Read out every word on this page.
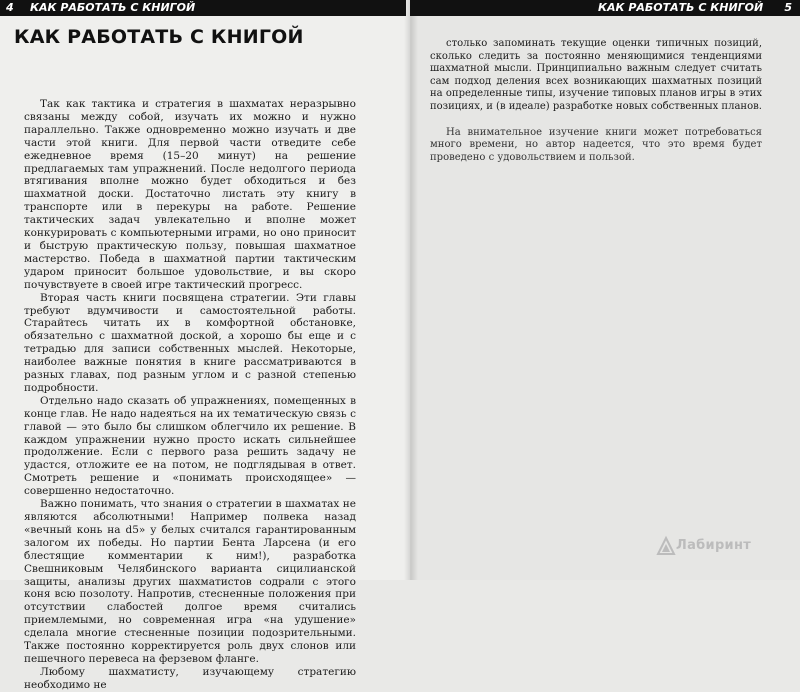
КАК РАБОТАТЬ С КНИГОЙ

Так как тактика и стратегия в шахматах неразрывно связаны между собой, изучать их можно и нужно параллельно. Также одновременно можно изучать и две части этой книги. Для первой части отведите себе ежедневное время (15–20 минут) на решение предлагаемых там упражнений. После недолгого периода втягивания вполне можно будет обходиться и без шахматной доски. Достаточно листать эту книгу в транспорте или в перекуры на работе. Решение тактических задач увлекательно и вполне может конкурировать с компьютерными играми, но оно приносит и быструю практическую пользу, повышая шахматное мастерство. Победа в шахматной партии тактическим ударом приносит большое удовольствие, и вы скоро почувствуете в своей игре тактический прогресс.

Вторая часть книги посвящена стратегии. Эти главы требуют вдумчивости и самостоятельной работы. Старайтесь читать их в комфортной обстановке, обязательно с шахматной доской, а хорошо бы еще и с тетрадью для записи собственных мыслей. Некоторые, наиболее важные понятия в книге рассматриваются в разных главах, под разным углом и с разной степенью подробности.

Отдельно надо сказать об упражнениях, помещенных в конце глав. Не надо надеяться на их тематическую связь с главой — это было бы слишком облегчило их решение. В каждом упражнении нужно просто искать сильнейшее продолжение. Если с первого раза решить задачу не удастся, отложите ее на потом, не подглядывая в ответ. Смотреть решение и «понимать происходящее» — совершенно недостаточно.

Важно понимать, что знания о стратегии в шахматах не являются абсолютными! Например полвека назад «вечный конь на d5» у белых считался гарантированным залогом их победы. Но партии Бента Ларсена (и его блестящие комментарии к ним!), разработка Свешниковым Челябинского варианта сицилианской защиты, анализы других шахматистов содрали с этого коня всю позолоту. Напротив, стесненные положения при отсутствии слабостей долгое время считались приемлемыми, но современная игра «на удушение» сделала многие стесненные позиции подозрительными. Также постоянно корректируется роль двух слонов или пешечного перевеса на ферзевом фланге.

Любому шахматисту, изучающему стратегию необходимо не

4 КАК РАБОТАТЬ С КНИГОЙ	КАК РАБОТАТЬ С КНИГОЙ 5

столько запоминать текущие оценки типичных позиций, сколько следить за постоянно меняющимися тенденциями шахматной мысли. Принципиально важным следует считать сам подход деления всех возникающих шахматных позиций на определенные типы, изучение типовых планов игры в этих позициях, и (в идеале) разработке новых собственных планов.

На внимательное изучение книги может потребоваться много времени, но автор надеется, что это время будет проведено с удовольствием и пользой.

Лабиринт
